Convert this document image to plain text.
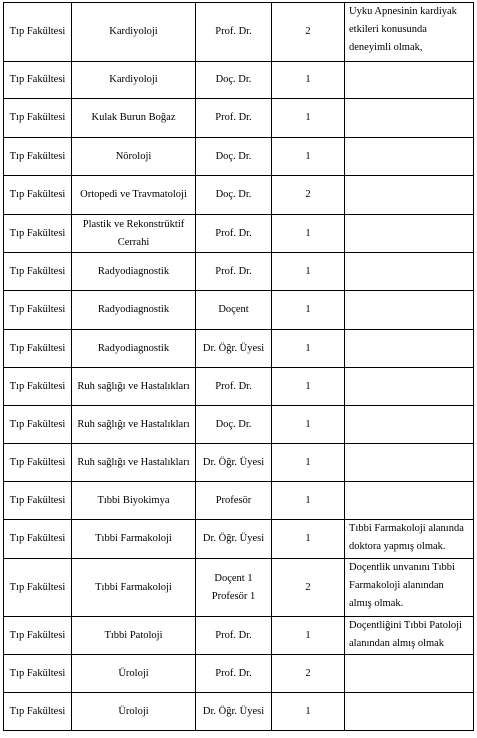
Tıp Fakültesi	Kardiyoloji	Prof. Dr.	2	Uyku Apnesinin kardiyak etkileri konusunda deneyimli olmak,
Tıp Fakültesi	Kardiyoloji	Doç. Dr.	1	
Tıp Fakültesi	Kulak Burun Boğaz	Prof. Dr.	1	
Tıp Fakültesi	Nöroloji	Doç. Dr.	1	
Tıp Fakültesi	Ortopedi ve Travmatoloji	Doç. Dr.	2	
Tıp Fakültesi	Plastik ve Rekonstrüktif Cerrahi	Prof. Dr.	1	
Tıp Fakültesi	Radyodiagnostik	Prof. Dr.	1	
Tıp Fakültesi	Radyodiagnostik	Doçent	1	
Tıp Fakültesi	Radyodiagnostik	Dr. Öğr. Üyesi	1	
Tıp Fakültesi	Ruh sağlığı ve Hastalıkları	Prof. Dr.	1	
Tıp Fakültesi	Ruh sağlığı ve Hastalıkları	Doç. Dr.	1	
Tıp Fakültesi	Ruh sağlığı ve Hastalıkları	Dr. Öğr. Üyesi	1	
Tıp Fakültesi	Tıbbi Biyokimya	Profesör	1	
Tıp Fakültesi	Tıbbi Farmakoloji	Dr. Öğr. Üyesi	1	Tıbbi Farmakoloji alanında doktora yapmış olmak.
Tıp Fakültesi	Tıbbi Farmakoloji	Doçent 1 Profesör 1	2	Doçentlik unvanını Tıbbi Farmakoloji alanından almış olmak.
Tıp Fakültesi	Tıbbi Patoloji	Prof. Dr.	1	Doçentliğini Tıbbi Patoloji alanından almış olmak
Tıp Fakültesi	Üroloji	Prof. Dr.	2	
Tıp Fakültesi	Üroloji	Dr. Öğr. Üyesi	1	
